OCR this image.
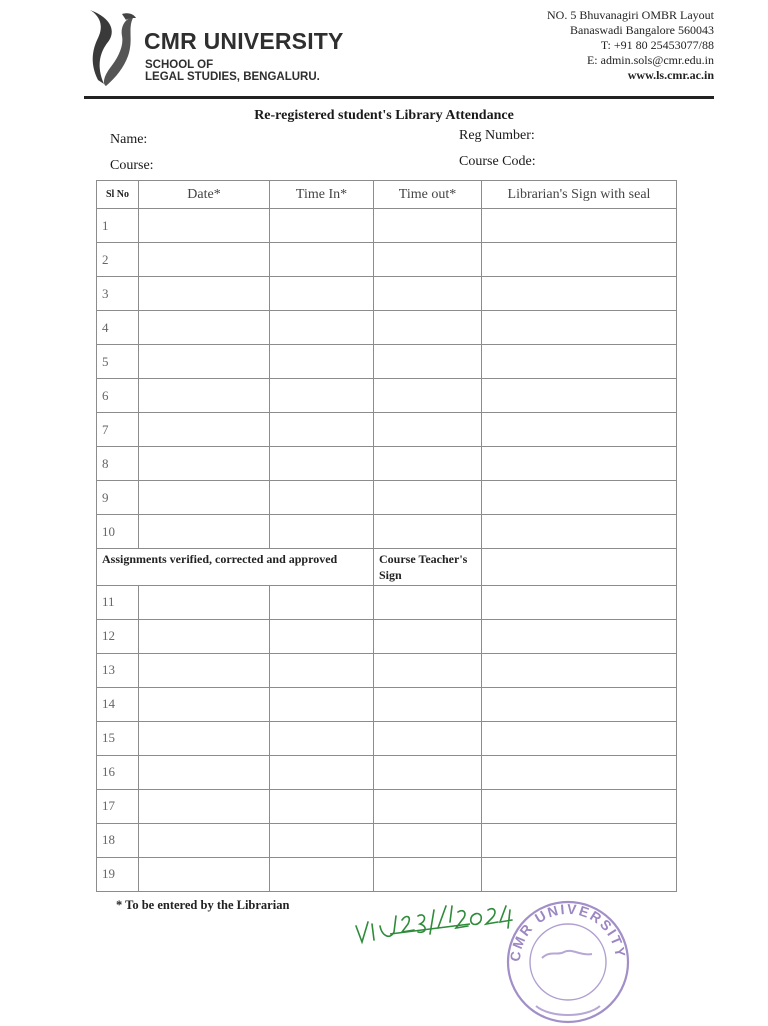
CMR UNIVERSITY
SCHOOL OF
LEGAL STUDIES, BENGALURU.
NO. 5 Bhuvanagiri OMBR Layout
Banaswadi Bangalore 560043
T: +91 80 25453077/88
E: admin.sols@cmr.edu.in
www.ls.cmr.ac.in
Re-registered student's Library Attendance
Name:	Reg Number:
Course:	Course Code:
Sl No	Date*	Time In*	Time out*	Librarian's Sign with seal
1				
2				
3				
4				
5				
6				
7				
8				
9				
10				
Assignments verified, corrected and approved			Course Teacher's Sign	
11				
12				
13				
14				
15				
16				
17				
18				
19				
* To be entered by the Librarian
CMR UNIVERSITY
